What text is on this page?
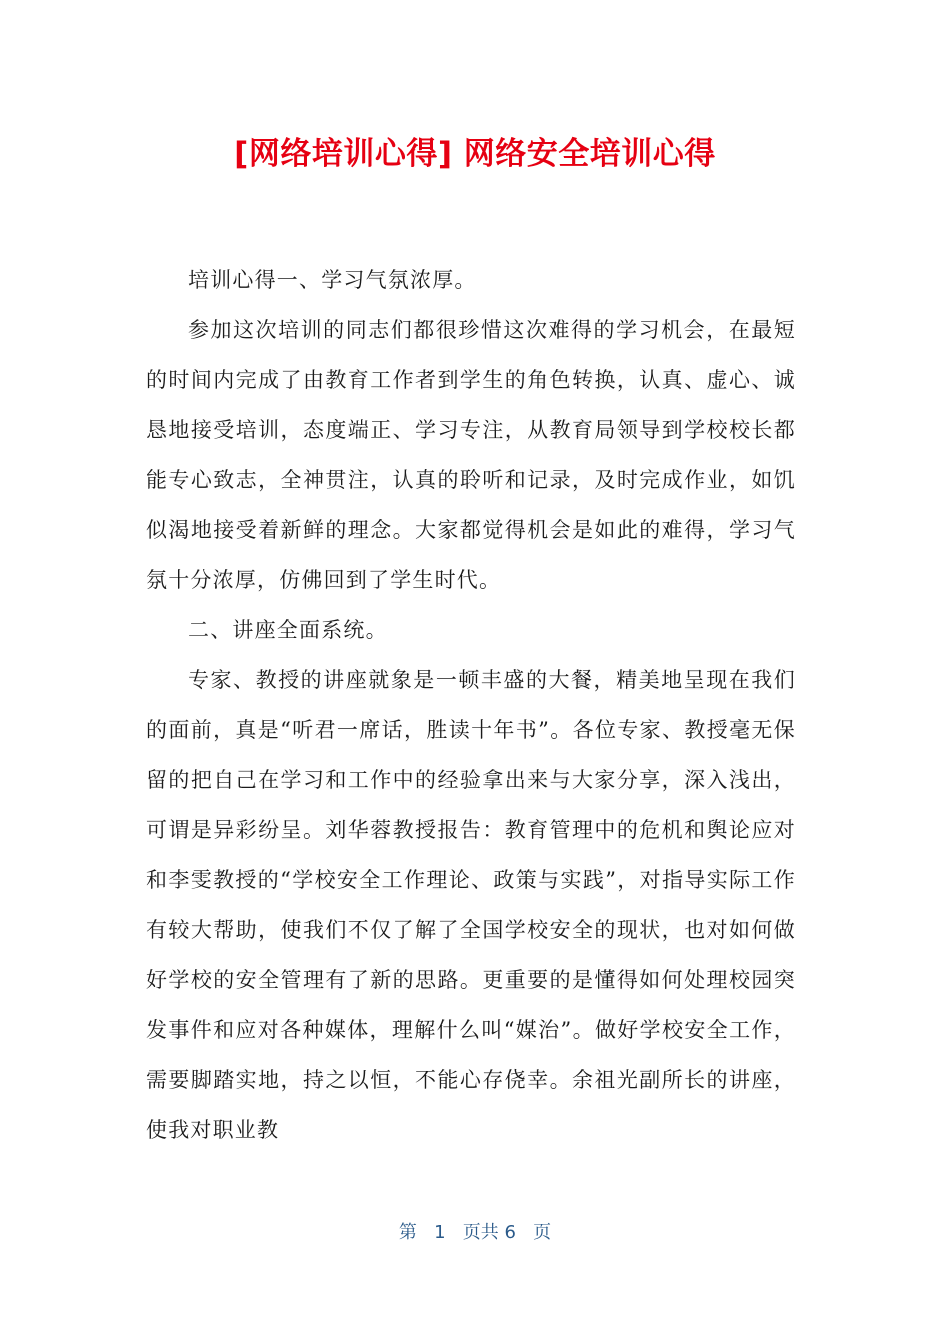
[网络培训心得] 网络安全培训心得

培训心得一、学习气氛浓厚。

参加这次培训的同志们都很珍惜这次难得的学习机会，在最短的时间内完成了由教育工作者到学生的角色转换，认真、虚心、诚恳地接受培训，态度端正、学习专注，从教育局领导到学校校长都能专心致志，全神贯注，认真的聆听和记录，及时完成作业，如饥似渴地接受着新鲜的理念。大家都觉得机会是如此的难得，学习气氛十分浓厚，仿佛回到了学生时代。

二、讲座全面系统。

专家、教授的讲座就象是一顿丰盛的大餐，精美地呈现在我们的面前，真是“听君一席话，胜读十年书”。各位专家、教授毫无保留的把自己在学习和工作中的经验拿出来与大家分享，深入浅出，可谓是异彩纷呈。刘华蓉教授报告：教育管理中的危机和舆论应对和李雯教授的“学校安全工作理论、政策与实践”，对指导实际工作有较大帮助，使我们不仅了解了全国学校安全的现状，也对如何做好学校的安全管理有了新的思路。更重要的是懂得如何处理校园突发事件和应对各种媒体，理解什么叫“媒治”。做好学校安全工作，需要脚踏实地，持之以恒，不能心存侥幸。余祖光副所长的讲座，使我对职业教

第 1 页共 6 页
